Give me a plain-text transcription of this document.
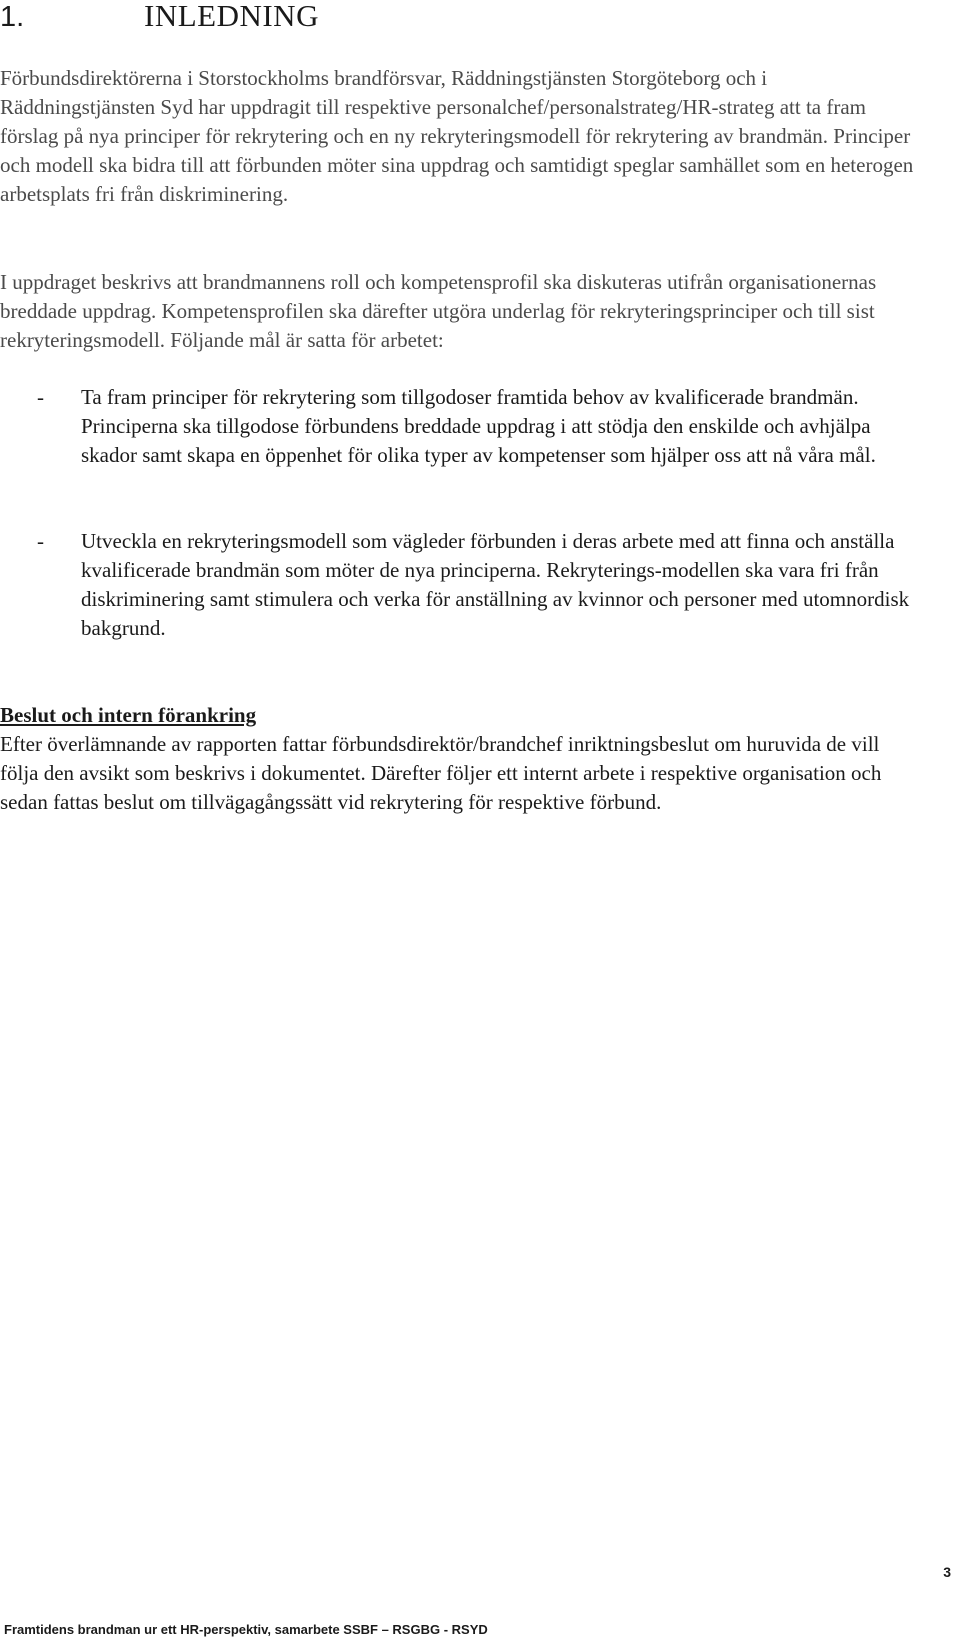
1.	INLEDNING

Förbundsdirektörerna i Storstockholms brandförsvar, Räddningstjänsten Storgöteborg och i Räddningstjänsten Syd har uppdragit till respektive personalchef/personalstrateg/HR-strateg att ta fram förslag på nya principer för rekrytering och en ny rekryteringsmodell för rekrytering av brandmän. Principer och modell ska bidra till att förbunden möter sina uppdrag och samtidigt speglar samhället som en heterogen arbetsplats fri från diskriminering.

I uppdraget beskrivs att brandmannens roll och kompetensprofil ska diskuteras utifrån organisationernas breddade uppdrag. Kompetensprofilen ska därefter utgöra underlag för rekryteringsprinciper och till sist rekryteringsmodell. Följande mål är satta för arbetet:

-	Ta fram principer för rekrytering som tillgodoser framtida behov av kvalificerade brandmän. Principerna ska tillgodose förbundens breddade uppdrag i att stödja den enskilde och avhjälpa skador samt skapa en öppenhet för olika typer av kompetenser som hjälper oss att nå våra mål.

-	Utveckla en rekryteringsmodell som vägleder förbunden i deras arbete med att finna och anställa kvalificerade brandmän som möter de nya principerna. Rekryterings-modellen ska vara fri från diskriminering samt stimulera och verka för anställning av kvinnor och personer med utomnordisk bakgrund.

Beslut och intern förankring

Efter överlämnande av rapporten fattar förbundsdirektör/brandchef inriktningsbeslut om huruvida de vill följa den avsikt som beskrivs i dokumentet. Därefter följer ett internt arbete i respektive organisation och sedan fattas beslut om tillvägagångssätt vid rekrytering för respektive förbund.

3
Framtidens brandman ur ett HR-perspektiv, samarbete SSBF – RSGBG - RSYD
